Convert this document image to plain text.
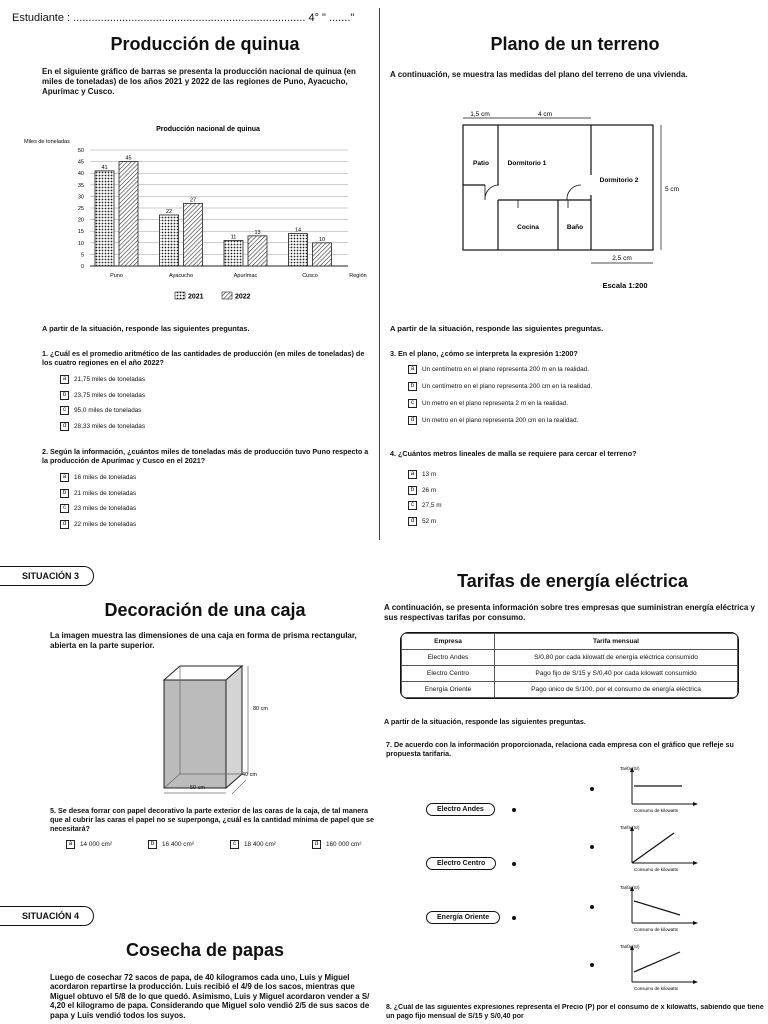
Estudiante : ............................................................................ 4° " ......."
Producción de quinua
En el siguiente gráfico de barras se presenta la producción nacional de quinua (en miles de toneladas) de los años 2021 y 2022 de las regiones de Puno, Ayacucho, Apurímac y Cusco.
Producción nacional de quinua
Miles de toneladas
0
5
10
15
20
25
30
35
40
45
50
41
45
Puno
22
27
Ayacucho
11
13
Apurímac
14
10
Cusco	Región
2021	2022
A partir de la situación, responde las siguientes preguntas.
1. ¿Cuál es el promedio aritmético de las cantidades de producción (en miles de toneladas) de los cuatro regiones en el año 2022?
a	21,75 miles de toneladas
b	23,75 miles de toneladas
c	95,0 miles de toneladas
d	28,33 miles de toneladas
2. Según la información, ¿cuántos miles de toneladas más de producción tuvo Puno respecto a la producción de Apurímac y Cusco en el 2021?
a	16 miles de toneladas
b	21 miles de toneladas
c	23 miles de toneladas
d	22 miles de toneladas
Plano de un terreno
A continuación, se muestra las medidas del plano del terreno de una vivienda.
1,5 cm	4 cm
5 cm
2,5 cm
Patio	Dormitorio 1
Dormitorio 2
Cocina	Baño
Escala 1:200
A partir de la situación, responde las siguientes preguntas.
3. En el plano, ¿cómo se interpreta la expresión 1:200?
a	Un centímetro en el plano representa 200 m en la realidad.
b	Un centímetro en el plano representa 200 cm en la realidad.
c	Un metro en el plano representa 2 m en la realidad.
d	Un metro en el plano representa 200 cm en la realidad.
4. ¿Cuántos metros lineales de malla se requiere para cercar el terreno?
a	13 m
b	26 m
c	27,5 m
d	52 m
SITUACIÓN 3
Decoración de una caja
La imagen muestra las dimensiones de una caja en forma de prisma rectangular, abierta en la parte superior.
80 cm
40 cm
50 cm
5. Se desea forrar con papel decorativo la parte exterior de las caras de la caja, de tal manera que al cubrir las caras el papel no se superponga, ¿cuál es la cantidad mínima de papel que se necesitará?
a	14 000 cm²	b	16 400 cm²	c	18 400 cm²	d	160 000 cm²
SITUACIÓN 4
Cosecha de papas
Luego de cosechar 72 sacos de papa, de 40 kilogramos cada uno, Luis y Miguel acordaron repartirse la producción. Luis recibió el 4/9 de los sacos, mientras que Miguel obtuvo el 5/8 de lo que quedó. Asimismo, Luis y Miguel acordaron vender a S/ 4,20 el kilogramo de papa. Considerando que Miguel solo vendió 2/5 de sus sacos de papa y Luis vendió todos los suyos.
Tarifas de energía eléctrica
A continuación, se presenta información sobre tres empresas que suministran energía eléctrica y sus respectivas tarifas por consumo.
Empresa	Tarifa mensual
Electro Andes	S/0,80 por cada kilowatt de energía eléctrica consumido
Electro Centro	Pago fijo de S/15 y S/0,40 por cada kilowatt consumido
Energía Oriente	Pago único de S/100, por el consumo de energía eléctrica
A partir de la situación, responde las siguientes preguntas.
7. De acuerdo con la información proporcionada, relaciona cada empresa con el gráfico que refleje su propuesta tarifaria.
Electro Andes
Electro Centro
Energía Oriente
Tarifa (S/)
Consumo de kilowatts
Tarifa (S/)
Consumo de kilowatts
Tarifa (S/)
Consumo de kilowatts
Tarifa (S/)
Consumo de kilowatts
8. ¿Cuál de las siguientes expresiones representa el Precio (P) por el consumo de x kilowatts, sabiendo que tiene un pago fijo mensual de S/15 y S/0,40 por
